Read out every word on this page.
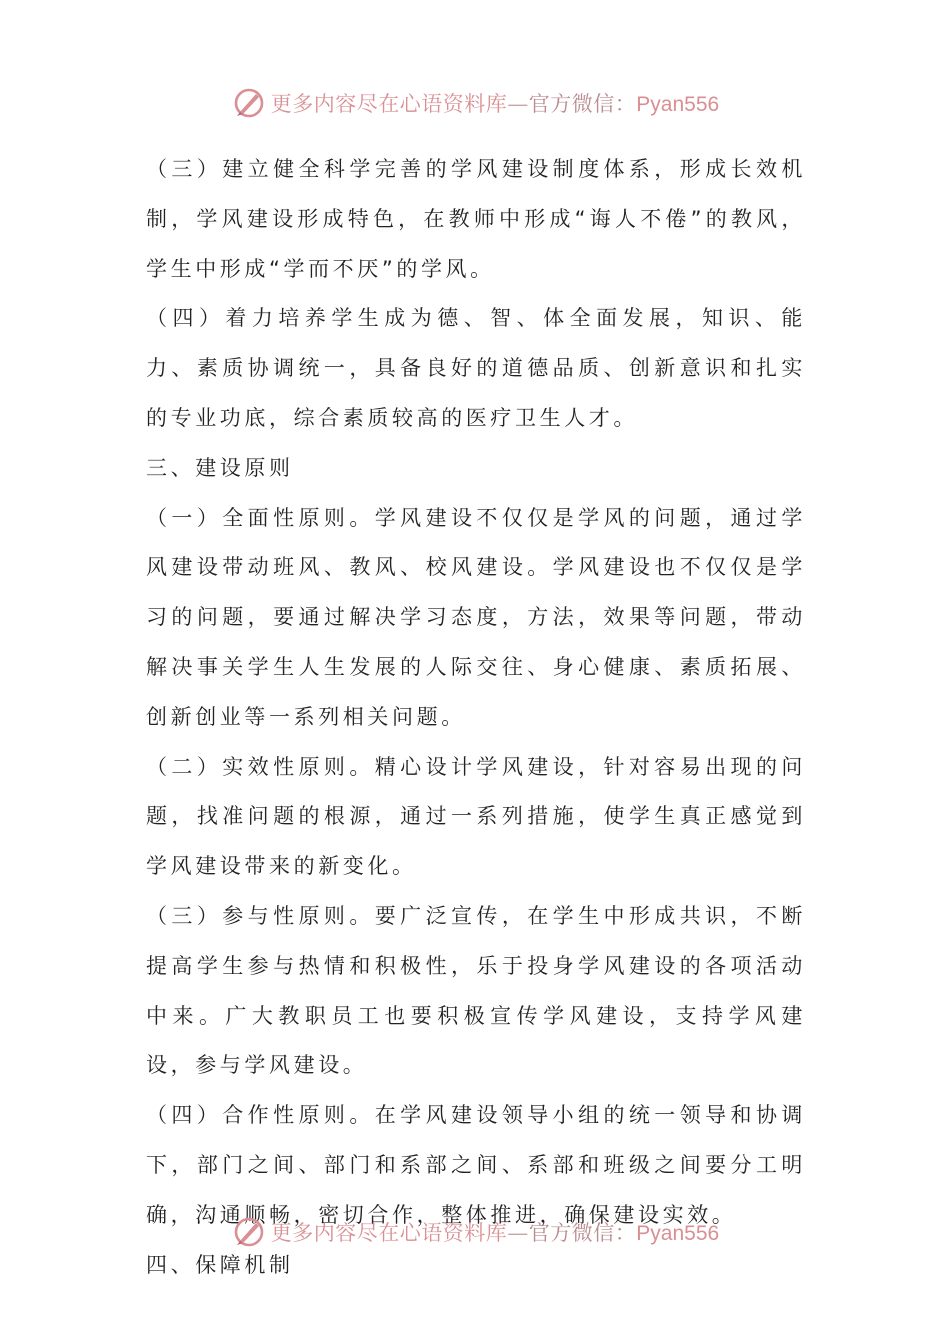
更多内容尽在心语资料库—官方微信：Pyan556

（三）建立健全科学完善的学风建设制度体系，形成长效机制，学风建设形成特色，在教师中形成“诲人不倦”的教风，学生中形成“学而不厌”的学风。

（四）着力培养学生成为德、智、体全面发展，知识、能力、素质协调统一，具备良好的道德品质、创新意识和扎实的专业功底，综合素质较高的医疗卫生人才。

三、建设原则

（一）全面性原则。学风建设不仅仅是学风的问题，通过学风建设带动班风、教风、校风建设。学风建设也不仅仅是学习的问题，要通过解决学习态度，方法，效果等问题，带动解决事关学生人生发展的人际交往、身心健康、素质拓展、创新创业等一系列相关问题。

（二）实效性原则。精心设计学风建设，针对容易出现的问题，找准问题的根源，通过一系列措施，使学生真正感觉到学风建设带来的新变化。

（三）参与性原则。要广泛宣传，在学生中形成共识，不断提高学生参与热情和积极性，乐于投身学风建设的各项活动中来。广大教职员工也要积极宣传学风建设，支持学风建设，参与学风建设。

（四）合作性原则。在学风建设领导小组的统一领导和协调下，部门之间、部门和系部之间、系部和班级之间要分工明确，沟通顺畅，密切合作，整体推进，确保建设实效。

四、保障机制

更多内容尽在心语资料库—官方微信：Pyan556
